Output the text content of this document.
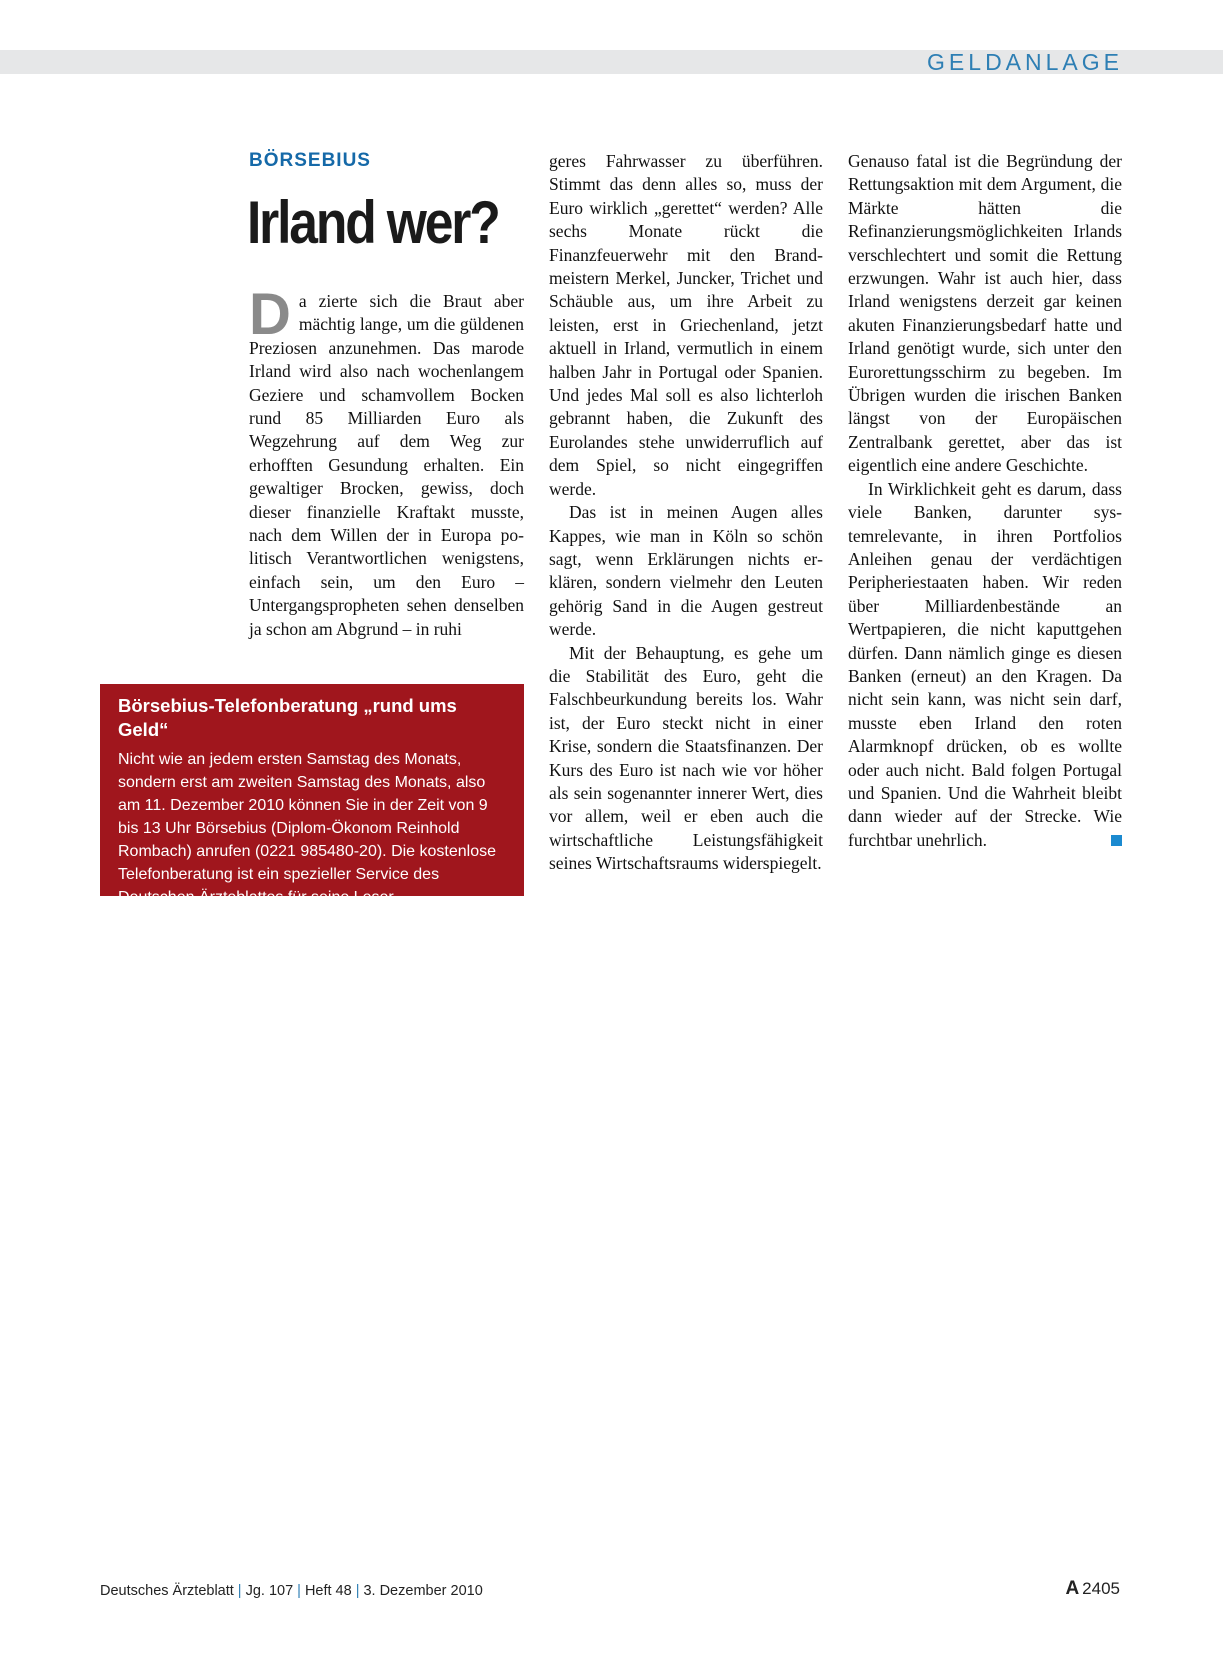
GELDANLAGE
BÖRSEBIUS
Irland wer?
D a zierte sich die Braut aber mächtig lange, um die güldenen Preziosen anzunehmen. Das marode Irland wird also nach wochenlangem Geziere und schamvollem Bocken rund 85 Milliarden Euro als Wegzehrung auf dem Weg zur erhofften Gesundung erhalten. Ein gewaltiger Brocken, gewiss, doch dieser finanzielle Kraftakt musste, nach dem Willen der in Europa politisch Verantwortlichen wenigstens, einfach sein, um den Euro – Untergangspropheten sehen denselben ja schon am Abgrund – in ruhi

geres Fahrwasser zu überführen. Stimmt das denn alles so, muss der Euro wirklich „gerettet“ werden? Alle sechs Monate rückt die Finanzfeuerwehr mit den Brandmeistern Merkel, Juncker, Trichet und Schäuble aus, um ihre Arbeit zu leisten, erst in Griechenland, jetzt aktuell in Irland, vermutlich in einem halben Jahr in Portugal oder Spanien. Und jedes Mal soll es also lichterloh gebrannt haben, die Zukunft des Eurolandes stehe unwiderruflich auf dem Spiel, so nicht eingegriffen werde.

Das ist in meinen Augen alles Kappes, wie man in Köln so schön sagt, wenn Erklärungen nichts erklären, sondern vielmehr den Leuten gehörig Sand in die Augen gestreut werde.

Mit der Behauptung, es gehe um die Stabilität des Euro, geht die Falschbeurkundung bereits los. Wahr ist, der Euro steckt nicht in einer Krise, sondern die Staatsfinanzen. Der Kurs des Euro ist nach wie vor höher als sein sogenannter innerer Wert, dies vor allem, weil er eben auch die wirtschaftliche Leistungsfähigkeit seines Wirtschaftsraums widerspiegelt.

Genauso fatal ist die Begründung der Rettungsaktion mit dem Argument, die Märkte hätten die Refinanzierungsmöglichkeiten Irlands verschlechtert und somit die Rettung erzwungen. Wahr ist auch hier, dass Irland wenigstens derzeit gar keinen akuten Finanzierungsbedarf hatte und Irland genötigt wurde, sich unter den Eurorettungsschirm zu begeben. Im Übrigen wurden die irischen Banken längst von der Europäischen Zentralbank gerettet, aber das ist eigentlich eine andere Geschichte.

In Wirklichkeit geht es darum, dass viele Banken, darunter systemrelevante, in ihren Portfolios Anleihen genau der verdächtigen Peripheriestaaten haben. Wir reden über Milliardenbestände an Wertpapieren, die nicht kaputtgehen dürfen. Dann nämlich ginge es diesen Banken (erneut) an den Kragen. Da nicht sein kann, was nicht sein darf, musste eben Irland den roten Alarmknopf drücken, ob es wollte oder auch nicht. Bald folgen Portugal und Spanien. Und die Wahrheit bleibt dann wieder auf der Strecke. Wie furchtbar unehrlich.

Börsebius-Telefonberatung „rund ums Geld“
Nicht wie an jedem ersten Samstag des Monats, sondern erst am zweiten Samstag des Monats, also am 11. Dezember 2010 können Sie in der Zeit von 9 bis 13 Uhr Börsebius (Diplom-Ökonom Reinhold Rombach) anrufen (0221 985480-20). Die kostenlose Telefonberatung ist ein spezieller Service des Deutschen Ärzteblattes für seine Leser.
Deutsches Ärzteblatt | Jg. 107 | Heft 48 | 3. Dezember 2010	A 2405
